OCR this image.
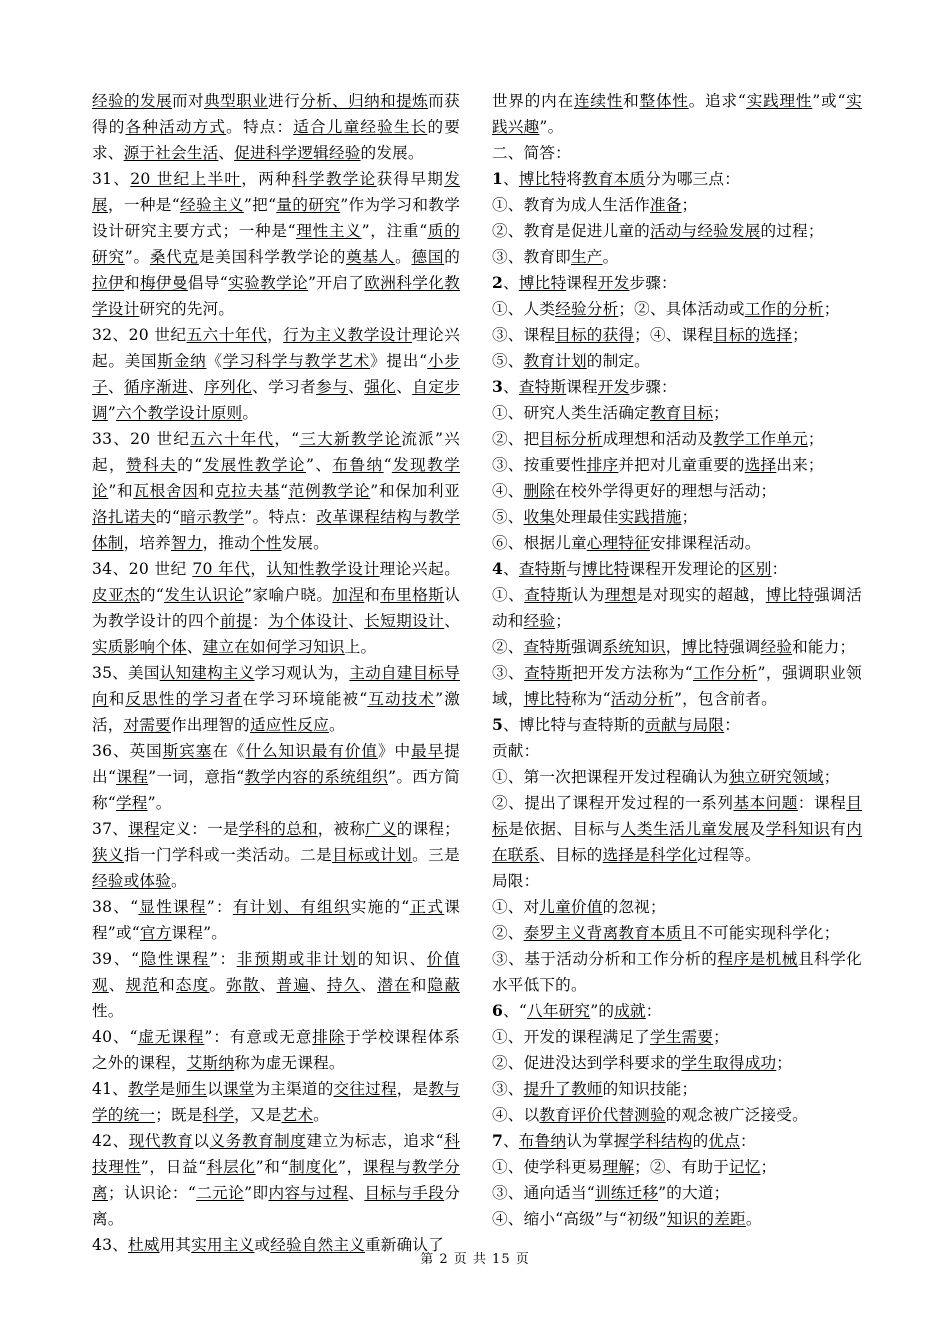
经验的发展而对典型职业进行分析、归纳和提炼而获得的各种活动方式。特点：适合儿童经验生长的要求、源于社会生活、促进科学逻辑经验的发展。

31、20 世纪上半叶，两种科学教学论获得早期发展，一种是“经验主义”把“量的研究”作为学习和教学设计研究主要方式；一种是“理性主义”，注重“质的研究”。桑代克是美国科学教学论的奠基人。德国的拉伊和梅伊曼倡导“实验教学论”开启了欧洲科学化教学设计研究的先河。

32、20 世纪五六十年代，行为主义教学设计理论兴起。美国斯金纳《学习科学与教学艺术》提出“小步子、循序渐进、序列化、学习者参与、强化、自定步调”六个教学设计原则。

33、20 世纪五六十年代，“三大新教学论流派”兴起，赞科夫的“发展性教学论”、布鲁纳“发现教学论”和瓦根舍因和克拉夫基“范例教学论”和保加利亚洛扎诺夫的“暗示教学”。特点：改革课程结构与教学体制，培养智力，推动个性发展。

34、20 世纪 70 年代，认知性教学设计理论兴起。皮亚杰的“发生认识论”家喻户晓。加涅和布里格斯认为教学设计的四个前提：为个体设计、长短期设计、实质影响个体、建立在如何学习知识上。

35、美国认知建构主义学习观认为，主动自建目标导向和反思性的学习者在学习环境能被“互动技术”激活，对需要作出理智的适应性反应。

36、英国斯宾塞在《什么知识最有价值》中最早提出“课程”一词，意指“教学内容的系统组织”。西方简称“学程”。

37、课程定义：一是学科的总和，被称广义的课程；狭义指一门学科或一类活动。二是目标或计划。三是经验或体验。

38、“显性课程”：有计划、有组织实施的“正式课程”或“官方课程”。

39、“隐性课程”：非预期或非计划的知识、价值观、规范和态度。弥散、普遍、持久、潜在和隐蔽性。

40、“虚无课程”：有意或无意排除于学校课程体系之外的课程，艾斯纳称为虚无课程。

41、教学是师生以课堂为主渠道的交往过程，是教与学的统一；既是科学，又是艺术。

42、现代教育以义务教育制度建立为标志，追求“科技理性”，日益“科层化”和“制度化”，课程与教学分离；认识论：“二元论”即内容与过程、目标与手段分离。

43、杜威用其实用主义或经验自然主义重新确认了

世界的内在连续性和整体性。追求“实践理性”或“实践兴趣”。

二、简答：

1、博比特将教育本质分为哪三点：

①、教育为成人生活作准备；

②、教育是促进儿童的活动与经验发展的过程；

③、教育即生产。

2、博比特课程开发步骤：

①、人类经验分析；②、具体活动或工作的分析；

③、课程目标的获得；④、课程目标的选择；

⑤、教育计划的制定。

3、查特斯课程开发步骤：

①、研究人类生活确定教育目标；

②、把目标分析成理想和活动及教学工作单元；

③、按重要性排序并把对儿童重要的选择出来；

④、删除在校外学得更好的理想与活动；

⑤、收集处理最佳实践措施；

⑥、根据儿童心理特征安排课程活动。

4、查特斯与博比特课程开发理论的区别：

①、查特斯认为理想是对现实的超越，博比特强调活动和经验；

②、查特斯强调系统知识，博比特强调经验和能力；

③、查特斯把开发方法称为“工作分析”，强调职业领域，博比特称为“活动分析”，包含前者。

5、博比特与查特斯的贡献与局限：

贡献：

①、第一次把课程开发过程确认为独立研究领域；

②、提出了课程开发过程的一系列基本问题：课程目标是依据、目标与人类生活儿童发展及学科知识有内在联系、目标的选择是科学化过程等。

局限：

①、对儿童价值的忽视；

②、泰罗主义背离教育本质且不可能实现科学化；

③、基于活动分析和工作分析的程序是机械且科学化水平低下的。

6、“八年研究”的成就：

①、开发的课程满足了学生需要；

②、促进没达到学科要求的学生取得成功；

③、提升了教师的知识技能；

④、以教育评价代替测验的观念被广泛接受。

7、布鲁纳认为掌握学科结构的优点：

①、使学科更易理解；②、有助于记忆；

③、通向适当“训练迁移”的大道；

④、缩小“高级”与“初级”知识的差距。

第 2 页 共 15 页
